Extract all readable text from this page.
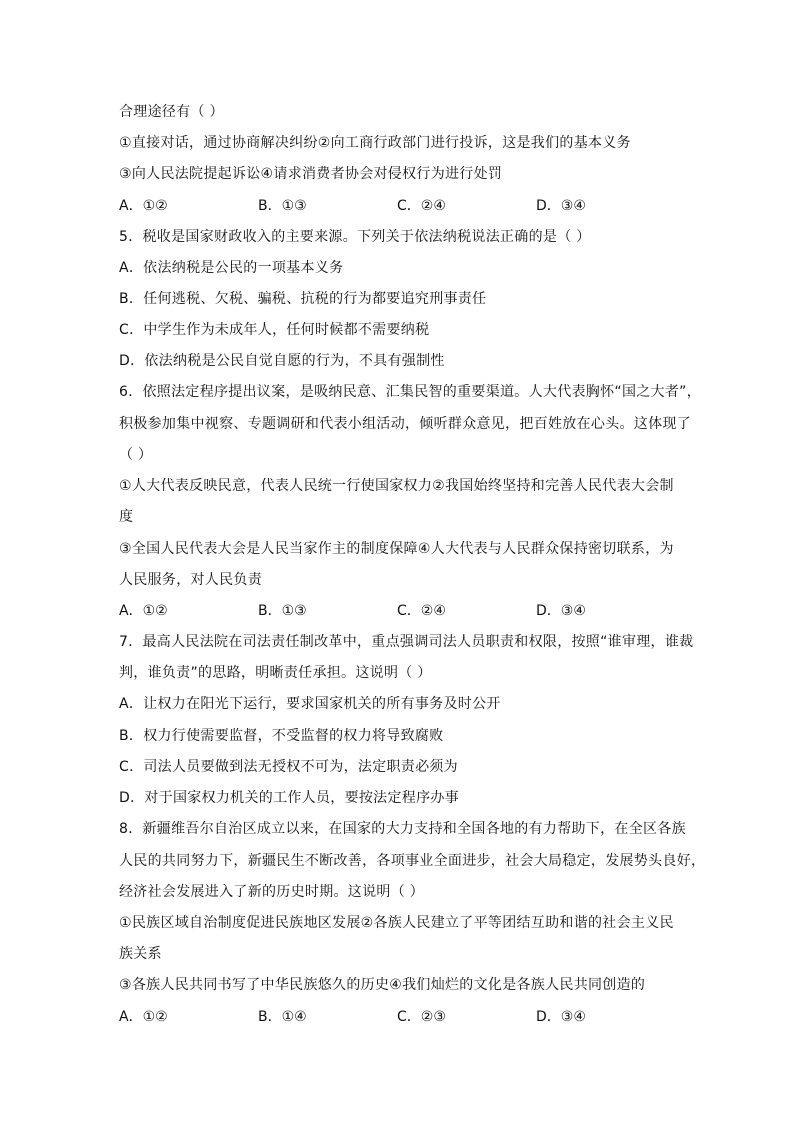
合理途径有（ ）
①直接对话，通过协商解决纠纷②向工商行政部门进行投诉，这是我们的基本义务
③向人民法院提起诉讼④请求消费者协会对侵权行为进行处罚
A．①②	B．①③	C．②④	D．③④
5．税收是国家财政收入的主要来源。下列关于依法纳税说法正确的是（ ）
A．依法纳税是公民的一项基本义务
B．任何逃税、欠税、骗税、抗税的行为都要追究刑事责任
C．中学生作为未成年人，任何时候都不需要纳税
D．依法纳税是公民自觉自愿的行为，不具有强制性
6．依照法定程序提出议案，是吸纳民意、汇集民智的重要渠道。人大代表胸怀“国之大者”，
积极参加集中视察、专题调研和代表小组活动，倾听群众意见，把百姓放在心头。这体现了
（ ）
①人大代表反映民意，代表人民统一行使国家权力②我国始终坚持和完善人民代表大会制
度
③全国人民代表大会是人民当家作主的制度保障④人大代表与人民群众保持密切联系，为
人民服务，对人民负责
A．①②	B．①③	C．②④	D．③④
7．最高人民法院在司法责任制改革中，重点强调司法人员职责和权限，按照“谁审理，谁裁
判，谁负责”的思路，明晰责任承担。这说明（ ）
A．让权力在阳光下运行，要求国家机关的所有事务及时公开
B．权力行使需要监督，不受监督的权力将导致腐败
C．司法人员要做到法无授权不可为，法定职责必须为
D．对于国家权力机关的工作人员，要按法定程序办事
8．新疆维吾尔自治区成立以来，在国家的大力支持和全国各地的有力帮助下，在全区各族
人民的共同努力下，新疆民生不断改善，各项事业全面进步，社会大局稳定，发展势头良好，
经济社会发展进入了新的历史时期。这说明（ ）
①民族区域自治制度促进民族地区发展②各族人民建立了平等团结互助和谐的社会主义民
族关系
③各族人民共同书写了中华民族悠久的历史④我们灿烂的文化是各族人民共同创造的
A．①②	B．①④	C．②③	D．③④
